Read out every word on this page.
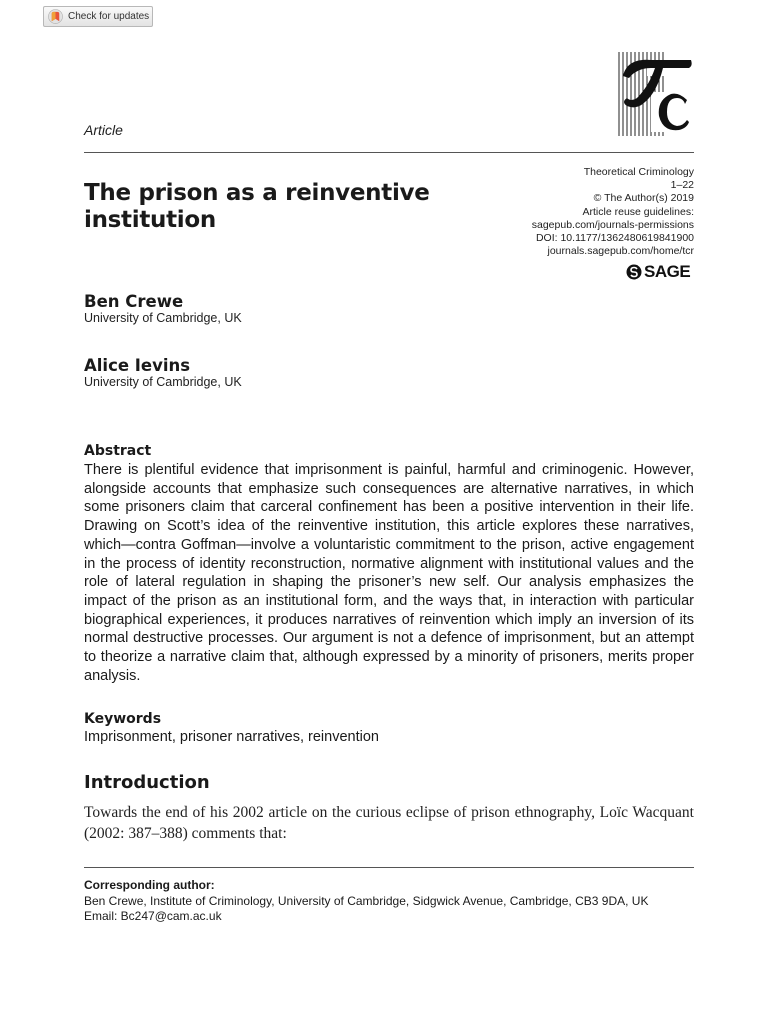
Check for updates
Article
The prison as a reinventive institution
Theoretical Criminology
1–22
© The Author(s) 2019
Article reuse guidelines:
sagepub.com/journals-permissions
DOI: 10.1177/1362480619841900
journals.sagepub.com/home/tcr
SAGE
Ben Crewe
University of Cambridge, UK
Alice Ievins
University of Cambridge, UK
Abstract
There is plentiful evidence that imprisonment is painful, harmful and criminogenic. However, alongside accounts that emphasize such consequences are alternative narratives, in which some prisoners claim that carceral confinement has been a positive intervention in their life. Drawing on Scott’s idea of the reinventive institution, this article explores these narratives, which—contra Goffman—involve a voluntaristic commitment to the prison, active engagement in the process of identity reconstruction, normative alignment with institutional values and the role of lateral regulation in shaping the prisoner’s new self. Our analysis emphasizes the impact of the prison as an institutional form, and the ways that, in interaction with particular biographical experiences, it produces narratives of reinvention which imply an inversion of its normal destructive processes. Our argument is not a defence of imprisonment, but an attempt to theorize a narrative claim that, although expressed by a minority of prisoners, merits proper analysis.
Keywords
Imprisonment, prisoner narratives, reinvention
Introduction
Towards the end of his 2002 article on the curious eclipse of prison ethnography, Loïc Wacquant (2002: 387–388) comments that:
Corresponding author:
Ben Crewe, Institute of Criminology, University of Cambridge, Sidgwick Avenue, Cambridge, CB3 9DA, UK
Email: Bc247@cam.ac.uk
